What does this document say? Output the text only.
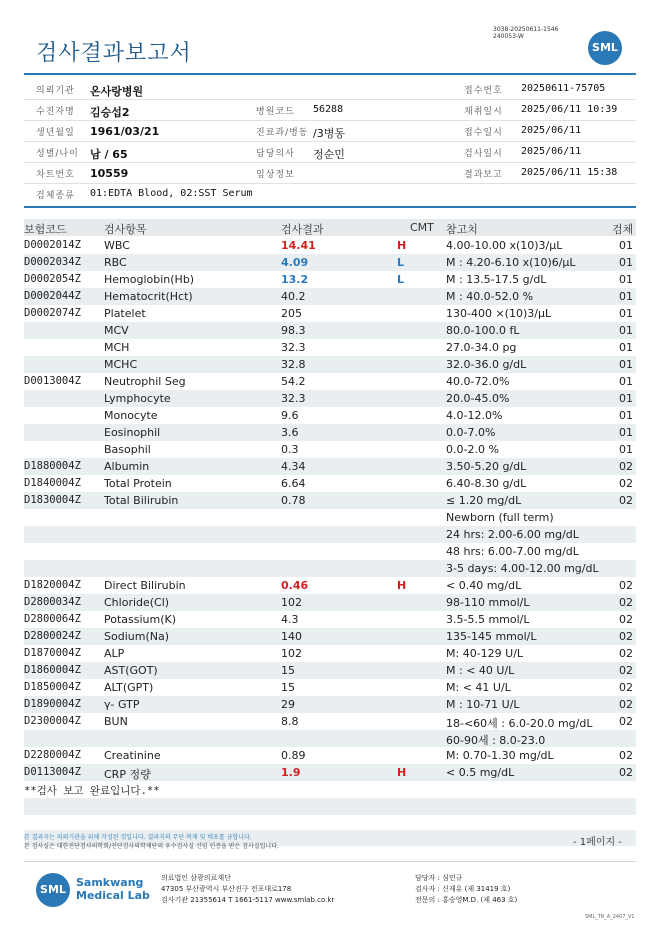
검사결과보고서
3038-20250611-1546
240053-W
SML
의뢰기관 온사랑병원	접수번호 20250611-75705
수진자명 김승섭2	병원코드 56288	채취일시 2025/06/11 10:39
생년월일 1961/03/21	진료과/병동 /3병동	접수일시 2025/06/11
성별/나이 남 / 65	담당의사 정순민	검사일시 2025/06/11
차트번호 10559	임상정보	결과보고 2025/06/11 15:38
검체종류 01:EDTA Blood, 02:SST Serum
보험코드	검사항목	검사결과	CMT 참고치	검체
D0002014Z WBC	14.41	H	4.00-10.00 x(10)3/μL	01
D0002034Z RBC	4.09	L	M : 4.20-6.10 x(10)6/μL	01
D0002054Z Hemoglobin(Hb)	13.2	L	M : 13.5-17.5 g/dL	01
D0002044Z Hematocrit(Hct)	40.2	M : 40.0-52.0 %	01
D0002074Z Platelet	205	130-400 ×(10)3/μL	01
MCV	98.3	80.0-100.0 fL	01
MCH	32.3	27.0-34.0 pg	01
MCHC	32.8	32.0-36.0 g/dL	01
D0013004Z Neutrophil Seg	54.2	40.0-72.0%	01
Lymphocyte	32.3	20.0-45.0%	01
Monocyte	9.6	4.0-12.0%	01
Eosinophil	3.6	0.0-7.0%	01
Basophil	0.3	0.0-2.0 %	01
D1880004Z Albumin	4.34	3.50-5.20 g/dL	02
D1840004Z Total Protein	6.64	6.40-8.30 g/dL	02
D1830004Z Total Bilirubin	0.78	≤ 1.20 mg/dL	02
Newborn (full term)
24 hrs: 2.00-6.00 mg/dL
48 hrs: 6.00-7.00 mg/dL
3-5 days: 4.00-12.00 mg/dL
D1820004Z Direct Bilirubin	0.46	H	< 0.40 mg/dL	02
D2800034Z Chloride(Cl)	102	98-110 mmol/L	02
D2800064Z Potassium(K)	4.3	3.5-5.5 mmol/L	02
D2800024Z Sodium(Na)	140	135-145 mmol/L	02
D1870004Z ALP	102	M: 40-129 U/L	02
D1860004Z AST(GOT)	15	M : < 40 U/L	02
D1850004Z ALT(GPT)	15	M: < 41 U/L	02
D1890004Z γ- GTP	29	M : 10-71 U/L	02
D2300004Z BUN	8.8	18-<60세 : 6.0-20.0 mg/dL 02
60-90세 : 8.0-23.0
D2280004Z Creatinine	0.89	M: 0.70-1.30 mg/dL	02
D0113004Z CRP 정량	1.9	H	< 0.5 mg/dL	02
**검사 보고 완료입니다.**
본 결과지는 의뢰기관을 위해 작성된 것입니다. 결과지의 무단 복제 및 배포를 금합니다.
본 검사실은 대한진단검사의학회/진단검사의학재단의 우수검사실 신임 인증을 받은 검사실입니다.	- 1페이지 -
SML
Samkwang
Medical Lab
의료법인 삼광의료재단
47305 부산광역시 부산진구 전포대로178
검사기관 21355614 T 1661-5117 www.smlab.co.kr
담당자 : 심민규
검사자 : 신재유 (제 31419 호)
전문의 : 홍승영M.D. (제 463 호)
SML_TR_A_2407_V1
